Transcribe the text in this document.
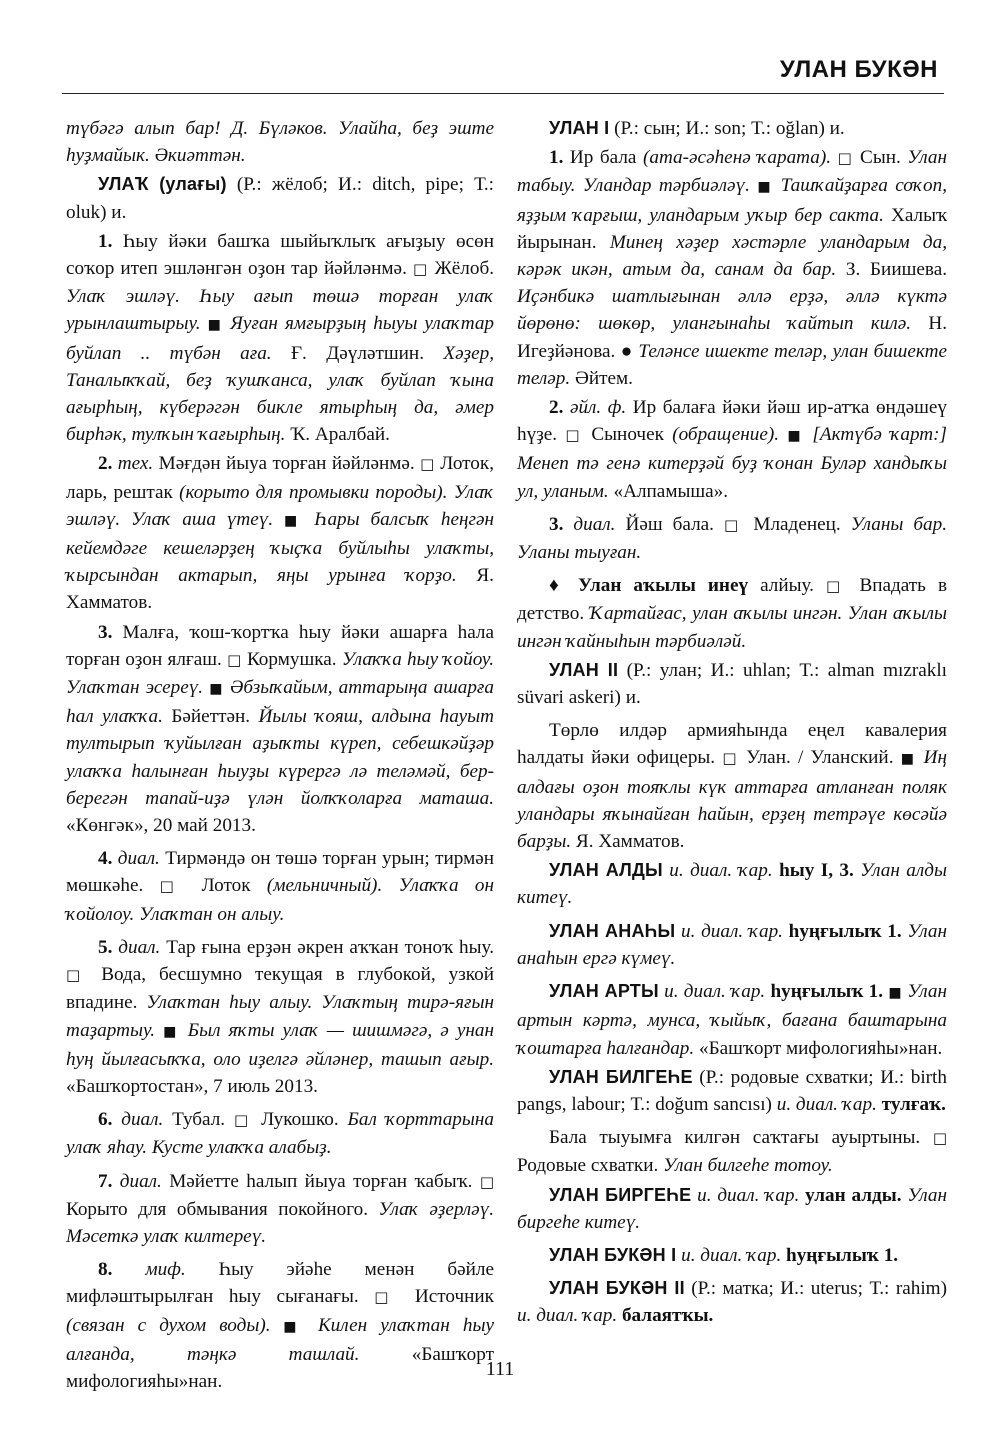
УЛАН БУКӘН

түбәгә алып бар! Д. Бүләков. Улайһа, беҙ эште һуҙмайык. Әкиәттән.

УЛАҠ (улағы) (Р.: жёлоб; И.: ditch, pipe; Т.: oluk) и.

1. Һыу йәки башҡа шыйыҡлыҡ ағыҙыу өсөн соҡор итеп эшләнгән оҙон тар йәйләнмә. □ Жёлоб. Улаҡ эшләү. Һыу ағып төшә торған улаҡ урынлаштырыу. ■ Яуған ямғырҙың һыуы улаҡтар буйлап .. түбән аға. Ғ. Дәүләтшин. Хәҙер, Таналыҡҡай, беҙ ҡушҡанса, улаҡ буйлап ҡына ағырһың, күберәгән бикле ятырһың да, әмер бирһәк, тулҡын ҡағырһың. Ҡ. Аралбай.

2. тех. Мәғдән йыуа торған йәйләнмә. □ Лоток, ларь, рештак (корыто для промывки породы). Улаҡ эшләү. Улаҡ аша үтеү. ■ Һары балсыҡ һеңгән кейемдәге кешеләрҙең ҡыҫҡа буйлыһы улаҡты, ҡырсындан актарып, яңы урынға ҡорҙо. Я. Хамматов.

3. Малға, ҡош-ҡортҡа һыу йәки ашарға һала торған оҙон ялғаш. □ Кормушка. Улаҡҡа һыу ҡойоу. Улаҡтан эсереү. ■ Әбзыҡайым, аттарыңа ашарға һал улаҡҡа. Бәйеттән. Йылы ҡояш, алдына һауыт тултырып ҡуйылған аҙыҡты күреп, себешкәйҙәр улаҡҡа һалынған һыуҙы күрергә лә теләмәй, бер-берегән тапай-иҙә үлән йолҡҡоларға маташа. «Көнгәк», 20 май 2013.

4. диал. Тирмәндә он төшә торған урын; тирмән мөшкәһе. □ Лоток (мельничный). Улаҡҡа он ҡойолоу. Улаҡтан он алыу.

5. диал. Тар ғына ерҙән әкрен аҡҡан тоноҡ һыу. □ Вода, бесшумно текущая в глубокой, узкой впадине. Улаҡтан һыу алыу. Улаҡтың тирә-яғын таҙартыу. ■ Был яҡты улаҡ — шишмәгә, ә унан һуң йылғасыҡҡа, оло иҙелгә әйләнер, ташып ағыр. «Башҡортостан», 7 июль 2013.

6. диал. Тубал. □ Лукошко. Бал ҡорттарына улаҡ яһау. Кусте улаҡҡа алабыҙ.

7. диал. Мәйетте һалып йыуа торған ҡабыҡ. □ Корыто для обмывания покойного. Улаҡ әҙерләү. Мәсеткә улаҡ килтереү.

8. миф. Һыу эйәһе менән бәйле мифләштырылған һыу сығанағы. □ Источник (связан с духом воды). ■ Килен улаҡтан һыу алғанда, тәңкә ташлай. «Башҡорт мифологияһы»нан.

УЛАН I (Р.: сын; И.: son; Т.: oğlan) и.

1. Ир бала (ата-әсәһенә ҡарата). □ Сын. Улан табыу. Уландар тәрбиәләү. ■ Ташҡайҙарға соҡоп, яҙҙым ҡарғыш, уландарым уҡыр бер сакта. Халыҡ йырынан. Минең хәҙер хәстәрле уландарым да, кәрәк икән, атым да, санам да бар. З. Биишева. Иҫәнбикә шатлығынан әллә ерҙә, әллә күктә йөрөнө: шөкөр, улангынаһы ҡайтып килә. Н. Игеҙйәнова. ● Теләнсе ишекте теләр, улан бишекте теләр. Әйтем.

2. әйл. ф. Ир балаға йәки йәш ир-атҡа өндәшеү һүҙе. □ Сыночек (обращение). ■ [Актүбә ҡарт:] Менеп тә генә китерҙәй буҙ ҡонан Буләр хандыҡы ул, уланым. «Алпамыша».

3. диал. Йәш бала. □ Младенец. Уланы бар. Уланы тыуған.

♦ Улан аҡылы инеү алйыу. □ Впадать в детство. Ҡартайғас, улан аҡылы ингән. Улан аҡылы ингән ҡайныһын тәрбиәләй.

УЛАН II (Р.: улан; И.: uhlan; Т.: alman mızraklı süvari askeri) и.

Төрлө илдәр армияһында еңел кавалерия һалдаты йәки офицеры. □ Улан. / Уланский. ■ Иң алдағы оҙон тояҡлы күк аттарға атланған поляк уландары яҡынайған һайын, ерҙең тетрәүе көсәйә барҙы. Я. Хамматов.

УЛАН АЛДЫ и. диал. ҡар. һыу I, 3. Улан алды китеү.

УЛАН АНАҺЫ и. диал. ҡар. һуңғылыҡ 1. Улан анаһын ергә күмеү.

УЛАН АРТЫ и. диал. ҡар. һуңғылыҡ 1. ■ Улан артын кәртә, мунса, ҡыйыҡ, бағана баштарына ҡоштарға һалғандар. «Башҡорт мифологияһы»нан.

УЛАН БИЛГЕҺЕ (Р.: родовые схватки; И.: birth pangs, labour; Т.: doğum sancısı) и. диал. ҡар. тулғаҡ.

Бала тыуымға килгән саҡтағы ауыртыны. □ Родовые схватки. Улан билгеһе тотоу.

УЛАН БИРГЕҺЕ и. диал. ҡар. улан алды. Улан биргеһе китеү.

УЛАН БУКӘН I и. диал. ҡар. һуңғылыҡ 1.

УЛАН БУКӘН II (Р.: матка; И.: uterus; Т.: rahim) и. диал. ҡар. балаятҡы.

111
